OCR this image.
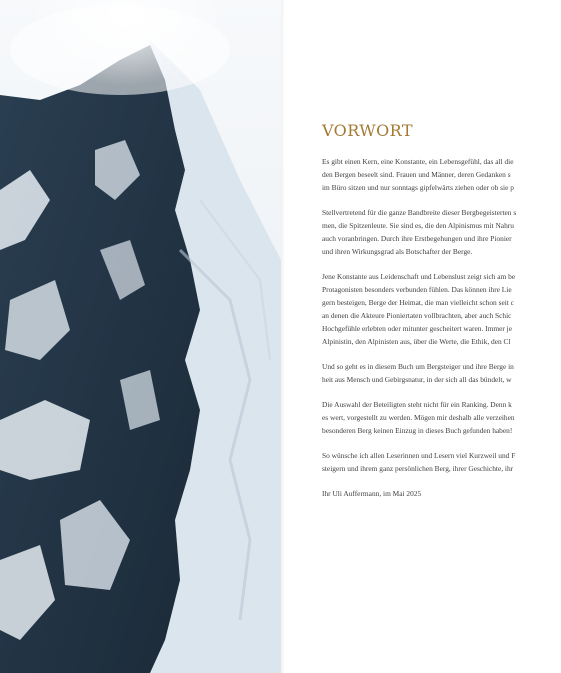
VORWORT

Es gibt einen Kern, eine Konstante, ein Lebensgefühl, das all die
den Bergen beseelt sind. Frauen und Männer, deren Gedanken s
im Büro sitzen und nur sonntags gipfelwärts ziehen oder ob sie p

Stellvertretend für die ganze Bandbreite dieser Bergbegeisterten s
men, die Spitzenleute. Sie sind es, die den Alpinismus mit Nahru
auch voranbringen. Durch ihre Erstbegehungen und ihre Pionier
und ihren Wirkungsgrad als Botschafter der Berge.

Jene Konstante aus Leidenschaft und Lebenslust zeigt sich am be
Protagonisten besonders verbunden fühlen. Das können ihre Lie
gern besteigen, Berge der Heimat, die man vielleicht schon seit c
an denen die Akteure Pioniertaten vollbrachten, aber auch Schic
Hochgefühle erlebten oder mitunter gescheitert waren. Immer je
Alpinistin, den Alpinisten aus, über die Werte, die Ethik, den Cl

Und so geht es in diesem Buch um Bergsteiger und ihre Berge in
heit aus Mensch und Gebirgsnatur, in der sich all das bündelt, w

Die Auswahl der Beteiligten steht nicht für ein Ranking. Denn k
es wert, vorgestellt zu werden. Mögen mir deshalb alle verzeihen
besonderen Berg keinen Einzug in dieses Buch gefunden haben!

So wünsche ich allen Leserinnen und Lesern viel Kurzweil und F
steigern und ihrem ganz persönlichen Berg, ihrer Geschichte, ihr

Ihr Uli Auffermann, im Mai 2025
